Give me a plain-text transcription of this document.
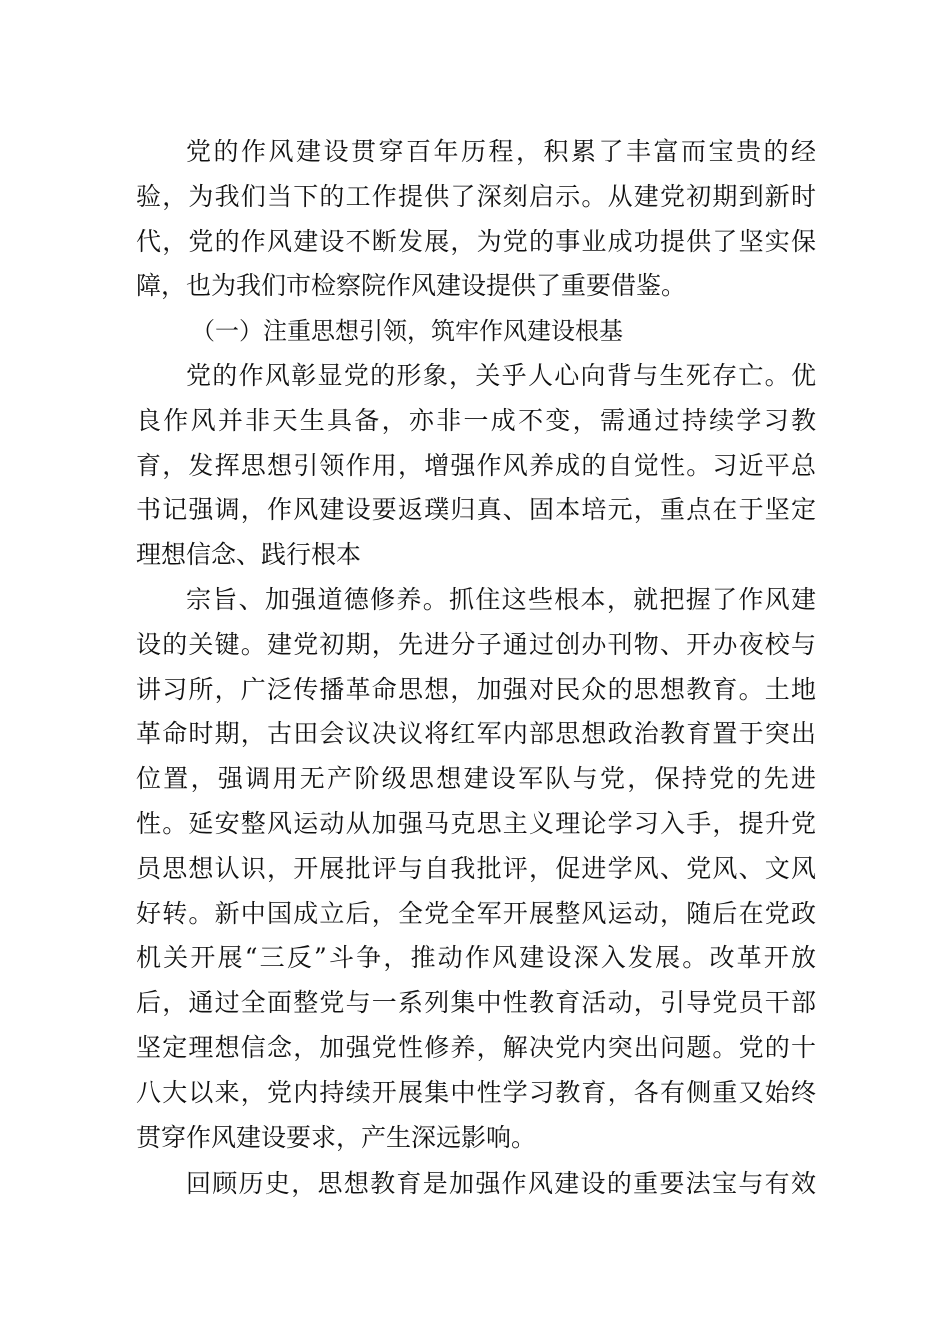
党的作风建设贯穿百年历程，积累了丰富而宝贵的经
验，为我们当下的工作提供了深刻启示。从建党初期到新时
代，党的作风建设不断发展，为党的事业成功提供了坚实保
障，也为我们市检察院作风建设提供了重要借鉴。
（一）注重思想引领，筑牢作风建设根基
党的作风彰显党的形象，关乎人心向背与生死存亡。优
良作风并非天生具备，亦非一成不变，需通过持续学习教
育，发挥思想引领作用，增强作风养成的自觉性。习近平总
书记强调，作风建设要返璞归真、固本培元，重点在于坚定
理想信念、践行根本
宗旨、加强道德修养。抓住这些根本，就把握了作风建
设的关键。建党初期，先进分子通过创办刊物、开办夜校与
讲习所，广泛传播革命思想，加强对民众的思想教育。土地
革命时期，古田会议决议将红军内部思想政治教育置于突出
位置，强调用无产阶级思想建设军队与党，保持党的先进
性。延安整风运动从加强马克思主义理论学习入手，提升党
员思想认识，开展批评与自我批评，促进学风、党风、文风
好转。新中国成立后，全党全军开展整风运动，随后在党政
机关开展“三反”斗争，推动作风建设深入发展。改革开放
后，通过全面整党与一系列集中性教育活动，引导党员干部
坚定理想信念，加强党性修养，解决党内突出问题。党的十
八大以来，党内持续开展集中性学习教育，各有侧重又始终
贯穿作风建设要求，产生深远影响。
回顾历史，思想教育是加强作风建设的重要法宝与有效
